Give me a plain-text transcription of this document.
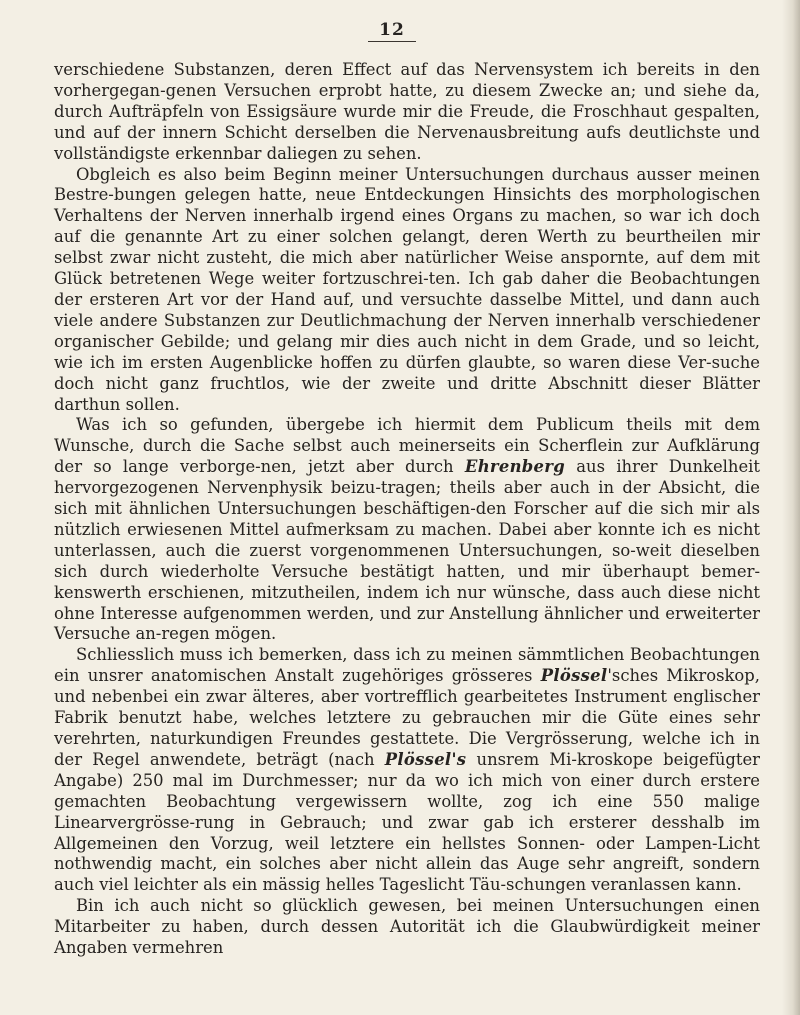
12

verschiedene Substanzen, deren Effect auf das Nervensystem ich bereits in den vorhergegan-genen Versuchen erprobt hatte, zu diesem Zwecke an; und siehe da, durch Aufträpfeln von Essigsäure wurde mir die Freude, die Froschhaut gespalten, und auf der innern Schicht derselben die Nervenausbreitung aufs deutlichste und vollständigste erkennbar daliegen zu sehen.

Obgleich es also beim Beginn meiner Untersuchungen durchaus ausser meinen Bestre-bungen gelegen hatte, neue Entdeckungen Hinsichts des morphologischen Verhaltens der Nerven innerhalb irgend eines Organs zu machen, so war ich doch auf die genannte Art zu einer solchen gelangt, deren Werth zu beurtheilen mir selbst zwar nicht zusteht, die mich aber natürlicher Weise anspornte, auf dem mit Glück betretenen Wege weiter fortzuschrei-ten. Ich gab daher die Beobachtungen der ersteren Art vor der Hand auf, und versuchte dasselbe Mittel, und dann auch viele andere Substanzen zur Deutlichmachung der Nerven innerhalb verschiedener organischer Gebilde; und gelang mir dies auch nicht in dem Grade, und so leicht, wie ich im ersten Augenblicke hoffen zu dürfen glaubte, so waren diese Ver-suche doch nicht ganz fruchtlos, wie der zweite und dritte Abschnitt dieser Blätter darthun sollen.

Was ich so gefunden, übergebe ich hiermit dem Publicum theils mit dem Wunsche, durch die Sache selbst auch meinerseits ein Scherflein zur Aufklärung der so lange verborge-nen, jetzt aber durch Ehrenberg aus ihrer Dunkelheit hervorgezogenen Nervenphysik beizu-tragen; theils aber auch in der Absicht, die sich mit ähnlichen Untersuchungen beschäftigen-den Forscher auf die sich mir als nützlich erwiesenen Mittel aufmerksam zu machen. Dabei aber konnte ich es nicht unterlassen, auch die zuerst vorgenommenen Untersuchungen, so-weit dieselben sich durch wiederholte Versuche bestätigt hatten, und mir überhaupt bemer-kenswerth erschienen, mitzutheilen, indem ich nur wünsche, dass auch diese nicht ohne Interesse aufgenommen werden, und zur Anstellung ähnlicher und erweiterter Versuche an-regen mögen.

Schliesslich muss ich bemerken, dass ich zu meinen sämmtlichen Beobachtungen ein unsrer anatomischen Anstalt zugehöriges grösseres Plössel'sches Mikroskop, und nebenbei ein zwar älteres, aber vortrefflich gearbeitetes Instrument englischer Fabrik benutzt habe, welches letztere zu gebrauchen mir die Güte eines sehr verehrten, naturkundigen Freundes gestattete. Die Vergrösserung, welche ich in der Regel anwendete, beträgt (nach Plössel's unsrem Mi-kroskope beigefügter Angabe) 250 mal im Durchmesser; nur da wo ich mich von einer durch erstere gemachten Beobachtung vergewissern wollte, zog ich eine 550 malige Linearvergrösse-rung in Gebrauch; und zwar gab ich ersterer desshalb im Allgemeinen den Vorzug, weil letztere ein hellstes Sonnen- oder Lampen-Licht nothwendig macht, ein solches aber nicht allein das Auge sehr angreift, sondern auch viel leichter als ein mässig helles Tageslicht Täu-schungen veranlassen kann.

Bin ich auch nicht so glücklich gewesen, bei meinen Untersuchungen einen Mitarbeiter zu haben, durch dessen Autorität ich die Glaubwürdigkeit meiner Angaben vermehren
